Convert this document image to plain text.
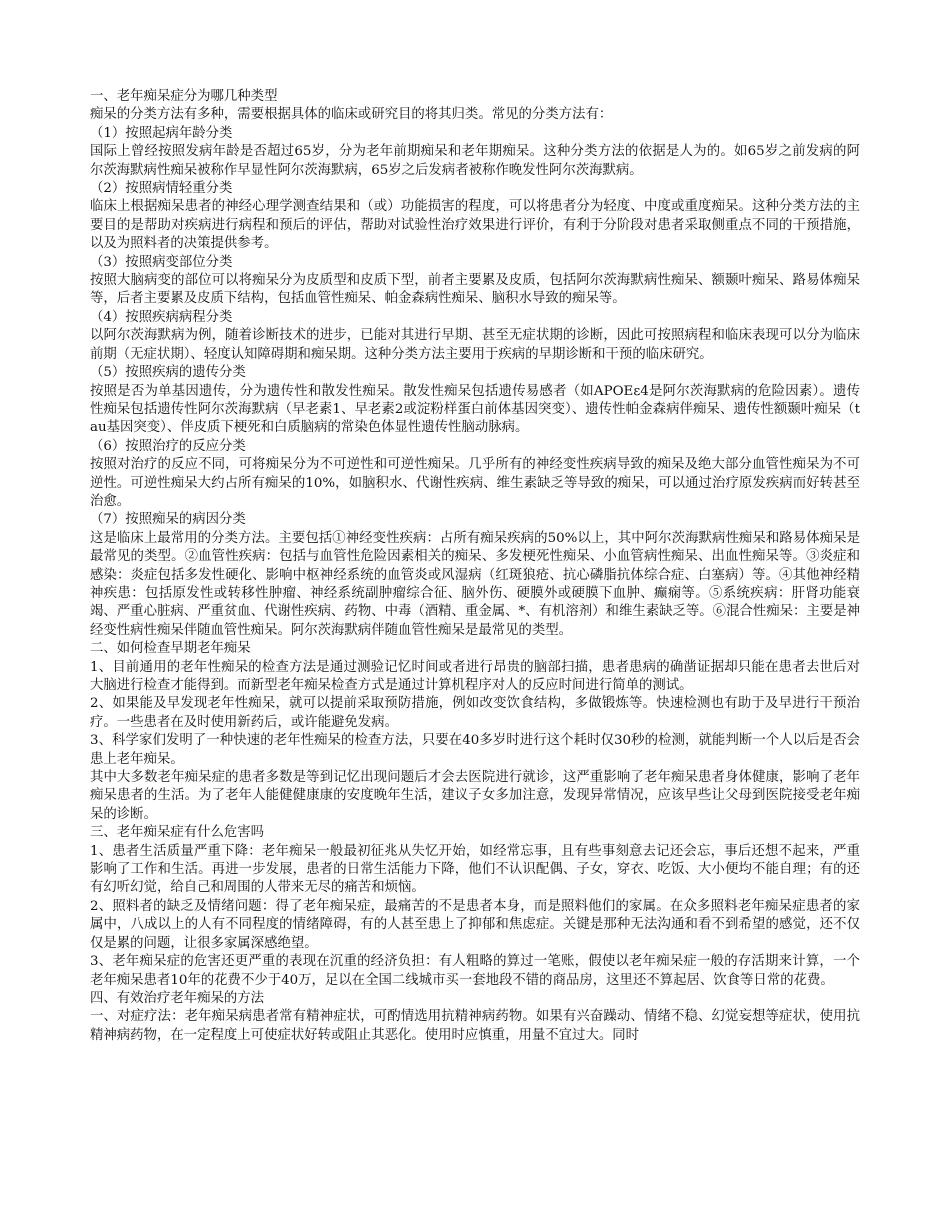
一、老年痴呆症分为哪几种类型
痴呆的分类方法有多种，需要根据具体的临床或研究目的将其归类。常见的分类方法有：
（1）按照起病年龄分类
国际上曾经按照发病年龄是否超过65岁，分为老年前期痴呆和老年期痴呆。这种分类方法的依据是人为的。如65岁之前发病的阿尔茨海默病性痴呆被称作早显性阿尔茨海默病，65岁之后发病者被称作晚发性阿尔茨海默病。
（2）按照病情轻重分类
临床上根据痴呆患者的神经心理学测查结果和（或）功能损害的程度，可以将患者分为轻度、中度或重度痴呆。这种分类方法的主要目的是帮助对疾病进行病程和预后的评估，帮助对试验性治疗效果进行评价，有利于分阶段对患者采取侧重点不同的干预措施，以及为照料者的决策提供参考。
（3）按照病变部位分类
按照大脑病变的部位可以将痴呆分为皮质型和皮质下型，前者主要累及皮质，包括阿尔茨海默病性痴呆、额颞叶痴呆、路易体痴呆等，后者主要累及皮质下结构，包括血管性痴呆、帕金森病性痴呆、脑积水导致的痴呆等。
（4）按照疾病病程分类
以阿尔茨海默病为例，随着诊断技术的进步，已能对其进行早期、甚至无症状期的诊断，因此可按照病程和临床表现可以分为临床前期（无症状期）、轻度认知障碍期和痴呆期。这种分类方法主要用于疾病的早期诊断和干预的临床研究。
（5）按照疾病的遗传分类
按照是否为单基因遗传，分为遗传性和散发性痴呆。散发性痴呆包括遗传易感者（如APOEε4是阿尔茨海默病的危险因素）。遗传性痴呆包括遗传性阿尔茨海默病（早老素1、早老素2或淀粉样蛋白前体基因突变）、遗传性帕金森病伴痴呆、遗传性额颞叶痴呆（tau基因突变）、伴皮质下梗死和白质脑病的常染色体显性遗传性脑动脉病。
（6）按照治疗的反应分类
按照对治疗的反应不同，可将痴呆分为不可逆性和可逆性痴呆。几乎所有的神经变性疾病导致的痴呆及绝大部分血管性痴呆为不可逆性。可逆性痴呆大约占所有痴呆的10%，如脑积水、代谢性疾病、维生素缺乏等导致的痴呆，可以通过治疗原发疾病而好转甚至治愈。
（7）按照痴呆的病因分类
这是临床上最常用的分类方法。主要包括①神经变性疾病：占所有痴呆疾病的50%以上，其中阿尔茨海默病性痴呆和路易体痴呆是最常见的类型。②血管性疾病：包括与血管性危险因素相关的痴呆、多发梗死性痴呆、小血管病性痴呆、出血性痴呆等。③炎症和感染：炎症包括多发性硬化、影响中枢神经系统的血管炎或风湿病（红斑狼疮、抗心磷脂抗体综合症、白塞病）等。④其他神经精神疾患：包括原发性或转移性肿瘤、神经系统副肿瘤综合征、脑外伤、硬膜外或硬膜下血肿、癫痫等。⑤系统疾病：肝肾功能衰竭、严重心脏病、严重贫血、代谢性疾病、药物、中毒（酒精、重金属、*、有机溶剂）和维生素缺乏等。⑥混合性痴呆：主要是神经变性病性痴呆伴随血管性痴呆。阿尔茨海默病伴随血管性痴呆是最常见的类型。
二、如何检查早期老年痴呆
1、目前通用的老年性痴呆的检查方法是通过测验记忆时间或者进行昂贵的脑部扫描，患者患病的确凿证据却只能在患者去世后对大脑进行检查才能得到。而新型老年痴呆检查方式是通过计算机程序对人的反应时间进行简单的测试。
2、如果能及早发现老年性痴呆，就可以提前采取预防措施，例如改变饮食结构，多做锻炼等。快速检测也有助于及早进行干预治疗。一些患者在及时使用新药后，或许能避免发病。
3、科学家们发明了一种快速的老年性痴呆的检查方法，只要在40多岁时进行这个耗时仅30秒的检测，就能判断一个人以后是否会患上老年痴呆。
其中大多数老年痴呆症的患者多数是等到记忆出现问题后才会去医院进行就诊，这严重影响了老年痴呆患者身体健康，影响了老年痴呆患者的生活。为了老年人能健健康康的安度晚年生活，建议子女多加注意，发现异常情况，应该早些让父母到医院接受老年痴呆的诊断。
三、老年痴呆症有什么危害吗
1、患者生活质量严重下降：老年痴呆一般最初征兆从失忆开始，如经常忘事，且有些事刻意去记还会忘，事后还想不起来，严重影响了工作和生活。再进一步发展，患者的日常生活能力下降，他们不认识配偶、子女，穿衣、吃饭、大小便均不能自理；有的还有幻听幻觉，给自己和周围的人带来无尽的痛苦和烦恼。
2、照料者的缺乏及情绪问题：得了老年痴呆症，最痛苦的不是患者本身，而是照料他们的家属。在众多照料老年痴呆症患者的家属中，八成以上的人有不同程度的情绪障碍，有的人甚至患上了抑郁和焦虑症。关键是那种无法沟通和看不到希望的感觉，还不仅仅是累的问题，让很多家属深感绝望。
3、老年痴呆症的危害还更严重的表现在沉重的经济负担：有人粗略的算过一笔账，假使以老年痴呆症一般的存活期来计算，一个老年痴呆患者10年的花费不少于40万，足以在全国二线城市买一套地段不错的商品房，这里还不算起居、饮食等日常的花费。
四、有效治疗老年痴呆的方法
一、对症疗法：老年痴呆病患者常有精神症状，可酌情选用抗精神病药物。如果有兴奋躁动、情绪不稳、幻觉妄想等症状，使用抗精神病药物，在一定程度上可使症状好转或阻止其恶化。使用时应慎重，用量不宜过大。同时
